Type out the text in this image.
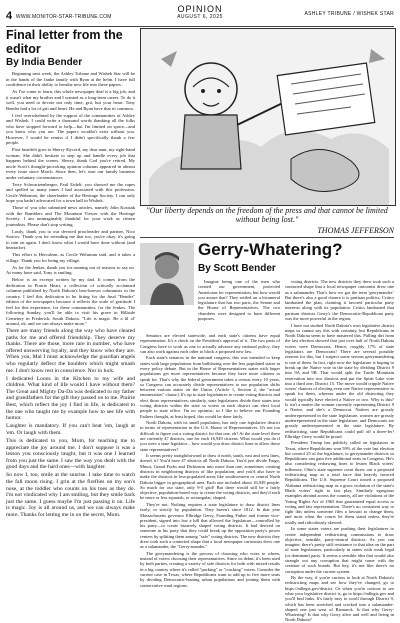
4 WWW.MONITOR-STAR-TRIBUNE.COM
OPINION
AUGUST 6, 2025	ASHLEY TRIBUNE / WISHEK STAR
Final letter from the editor
By India Bender

Beginning next week, the Ashley Tribune and Wishek Star will be in the hands of the Janke family with Ryan at the helm. I have full confidence in their ability to breathe new life into these papers.

As I've come to learn, this whole newspaper deal is a big job, and it wasn't what my brother and I wanted as a long-term career. To do it well, you need to devote not only time, grit, but your heart. Tony Bender had a lot of grit and heart. He and Ryan have that in common.

I feel overwhelmed by the support of the communities of Ashley and Wishek. I could write a thousand words thanking all the folks who have stopped forward to help—but I'm limited on space—and you know who you are. The papers wouldn't exist without you. However, I would be remiss if I didn't specifically thank a few people.

First heartfelt goes to Sherry Slycord, my dear aunt, my right-hand woman. She didn't hesitate to step up and handle every job that happens behind the scenes. Sherry, thank God you're retired. My uncle Scott's thought-provoking opinion columns appeared in almost every issue since March. Since then, let's start our family business under voluntary circumstances.

Terry Schwartzenberger, Paul Erdelt; you showed me the ropes and spelled so many times I had associated with this profession. Cecile Wehrman, the cheerleader of the Heritage Society. I can only hope you hadn't advocated for a town hall in Wishek.

Those of you who submitted news articles, namely John Kossiak with the Ramblers and The Mountain Viewer with the Heritage Society. I am unimaginably thankful for your work as citizen journalists. Please don't stop writing.

Lastly, thank you to our devoted proofreader and partner, Nico Stoirov. Thank you for rereading me that too, you're okay, it's going to rain on again. I don't know what I would have done without (and heartache).

This effort is Herculean, as Cecile Wehrman said, and it takes a village. Thank you for being my village.

As for the Jenkes, thank you for running out of reasons to say no. As many have said, Tony is smiling.

Below is an excerpt written by my dad. It comes from the dedication in Prairie Heart, a collection of critically acclaimed columns published by North Dakota's best-known columnists in the country. I feel this dedication to be fitting for the final "Bender" edition of the newspapers because it reflects the scale of gratitude I feel for this experience, for these communities, for the Jenkes. The following Sunday, you'll be able to visit his grave in Hillside Cemetery in Frederick, South Dakota. "Life is magic. Be a lil ol' around, ok, and we can always make more."

There are many friends along the way who have cleared paths for me and offered friendship. They deserve my thanks. There are those, more rare in number, who have offered unswerving loyalty, and they know who they are. When you, Mal I must acknowledge the guardian angels who regularly deflect the boulders which might smash me. I don't know rest in conscience. Nor in luck.

I dedicated Loons in the Kitchen to my wife and children. What kind of life would I have without them? The Great and Mighty Da-Da was dedicated to my father and grandfathers for the gift they passed on to me. Prairie Best, which reflect the joy I find in life, is dedicated to the one who taught me by example how to see life with humor.

Laughter is mandatory. If you can't beat 'em, laugh at 'em. Or laugh with them.

This is dedicated to you, Mom, for teaching me to appreciate the joy around me. I don't suppose it was a lesson you consciously taught, but it was one I learned from you just the same. I saw the way you dealt with the good days and the hard ones—with laughter.

So now I, too, smile at the sunrise. I take time to watch the fall moon rising. I grin at the fireflies on my son's nose, at the toddler who counts on his toes as they do. I'm not vindicated why I am smiling, but they smile back just the same. I guess maybe I'm just passing it on. Life is magic. Joy is all around us, and we can always make more. Thanks for letting me in on the secret, Mom.

"Our liberty depends on the freedom of the press and that cannot be limited without being lost."
THOMAS JEFFERSON
Gerry-Whatering?
By Scott Bender

Imagine being one of the men who created our government, protected Americans for representation, but how would you assure that? They settled on a bicameral legislature that has two parts, the Senate and the House of Representatives. The two chambers were designed to have different purposes.

Senators are elected statewide, and each state's citizens have equal representation. It's a check on the President's approval of it. The two parts of Congress have to work as one to actually advance any national policy; they can also work against each other to block a proposed new law.

Each state's senators in the national congress, this was intended to keep states with large populations from bulldozing over the less populated states in every policy debate. But in the House of Representatives states with larger populations get more representatives because they have more citizens to speak for. That's why the federal government takes a census every 10 years, so Congress can accurately divide representatives to our population shifts between various states on the Union. (Article 1, Section 2, the "actual enumeration" clause.) It's up to state legislatures to create voting districts and elect those representatives; similarly, state legislatures divide their states into voting districts within the state so voters in each district can elect local people to state office. I'm no optimist, so I like to believe our Founding Fathers thought, at least hoped, this would be done fairly.

North Dakota, with its small population, has only one legislative district in terms of representation in the U.S. House of Representatives. It's not too difficult to figure out a voting district for that one, eh? At the state level there are currently 47 districts, one for each 16,949 citizens. What would you do if you were a state legislator – how would you draw district lines to allow those state representatives?

It seems pretty straightforward to draw it north, south, east and west lines, doesn't it? You'd have 47 districts all North Dakota. You'd just divide Fargo, Minot, Grand Forks and Dickinson into more than one, sometimes creating districts in neighboring districts of like population; and you'd also have to make the districts in less-populated areas like southwestern or central North Dakota bigger in geographical area. Each one included about 16,949 people. So much for our state, only 9-5 grid! But there would still be a fairly objective, population-based way to create the voting districts, and they'd each be more or less squarish, or rectangular, shaped.

They're not. Nothing requires a state legislature to draw district lines fairly, or strictly by population. They haven't since 1812. In that year Massachusetts governor Elbridge Gerry, Founding Father and former vice-president, signed into law a bill that allowed the legislature—controlled by his party—to create bizarrely shaped voting districts. It had derived on someone in his party that they could break up the opposition party's power centers by splitting them among "safe" voting districts. The new districts they drew took such a contorted shape that a local newspaper cartoonist drew one as a salamander, the "Gerry-mander."

The gerrymandering is the process of choosing who votes to whom, instead of voters choosing their representatives. Since its debut, it's been used by both parties, creating a variety of safe districts for both with mixed results in a big country where it's called "packing" or "cracking" voters. Consider the current case in Texas, where Republicans want to add up to five more seats by dividing Democratic-leaning urban populations and joining them with conservative rural regions.

voting districts. The new districts they drew took such a contorted shape that a local newspaper cartoonist drew one as a salamander. That's how we got the term 'gerrymander.' But there's also a good chance it is partisan politics. Critics lambasted the plan, claiming it favored particular party interests along with its population. Critics lambasted that partisan districts Gerry's the Democratic-Republican party was the more powerful in the region.

I have not studied North Dakota's own legislative district maps so cannot say this with certainty, but Republicans in North Dakota seem to have mastered this. Pulling dirt from the last election showed that just over half of North Dakota voters were Democrats. Hence, roughly 17% of state legislators are Democrats! There are several possible reasons for this, but I suspect some serious gerrymandering is one of them. In fact, right now the legislature is hoping to break up the Native vote in the state by dividing District 9 into 9A and 9B. That would split the Turtle Mountain reservation into two districts and put the Spirit Lake vote into a third one, District 15. The move would cripple Native voters' chances of electing even one Native representative to speak for them, whereas under the old districting they would typically have elected a Native or two. Why is this? Is isn't a matter the woman currently representing District 9 a Native, and she's a Democrat. Natives are grossly underrepresented in the state legislature, women are grossly underrepresented in the state legislature, and Democrats are grossly underrepresented in the state legislature. By redistricting, state Republicans could pull off a three-fer! Elbridge Gerry would be proud.

President Trump has publicly called on legislators in Texas, where Republicans won 59% of the vote last election but control 25 of the legislature, to gerrymander districts so Republicans can gain five additional seats in Congress. He's also considering redrawing lines to lessen Black voters' influence. Ohio's state supreme court threw out a proposed redistricting map as a total farce that heavily favored Republicans. The U.S. Supreme Court tossed a proposed Alabama redistricting map as a gross violation of the state's Black voters' right to fair play. Similarly egregious examples abound across the country, all are violations of the Voting Rights Act of 1965 that guaranteed equal access to voting and fair representation. There's no consistent way to fight this unless someone files a lawsuit to change them, and most often the courts let them stand unless they're totally and ridiculously skewed.

In some states voters are pushing their legislatures to create independent redistricting commissions to draw objective, sensible, party-neutral districts. As you can imagine, there's pretty stiff resistance to that idea on the part of state legislatures, particularly in states with weak legal (or dominant) party. It seems a sensible idea that would also strangle out any corruption that might come with the creation of such boards. But hey, it's not like there's no corruption under the current system.

By the way, if you're curious to look at North Dakota's redistricting maps and see how they've changed, go to https://ndlegis.gov/district. Or when you're curious to see what your legislative district is, go to https://ndlegis.gov and you'll find links. It's fairly easy to scroll through District 9, which has been stretched and cracked into a salamander-shaped one just west of Bismarck. Is that why Gerry-Whatering? Is that why Gerry alive and well and living in North Dakota?
